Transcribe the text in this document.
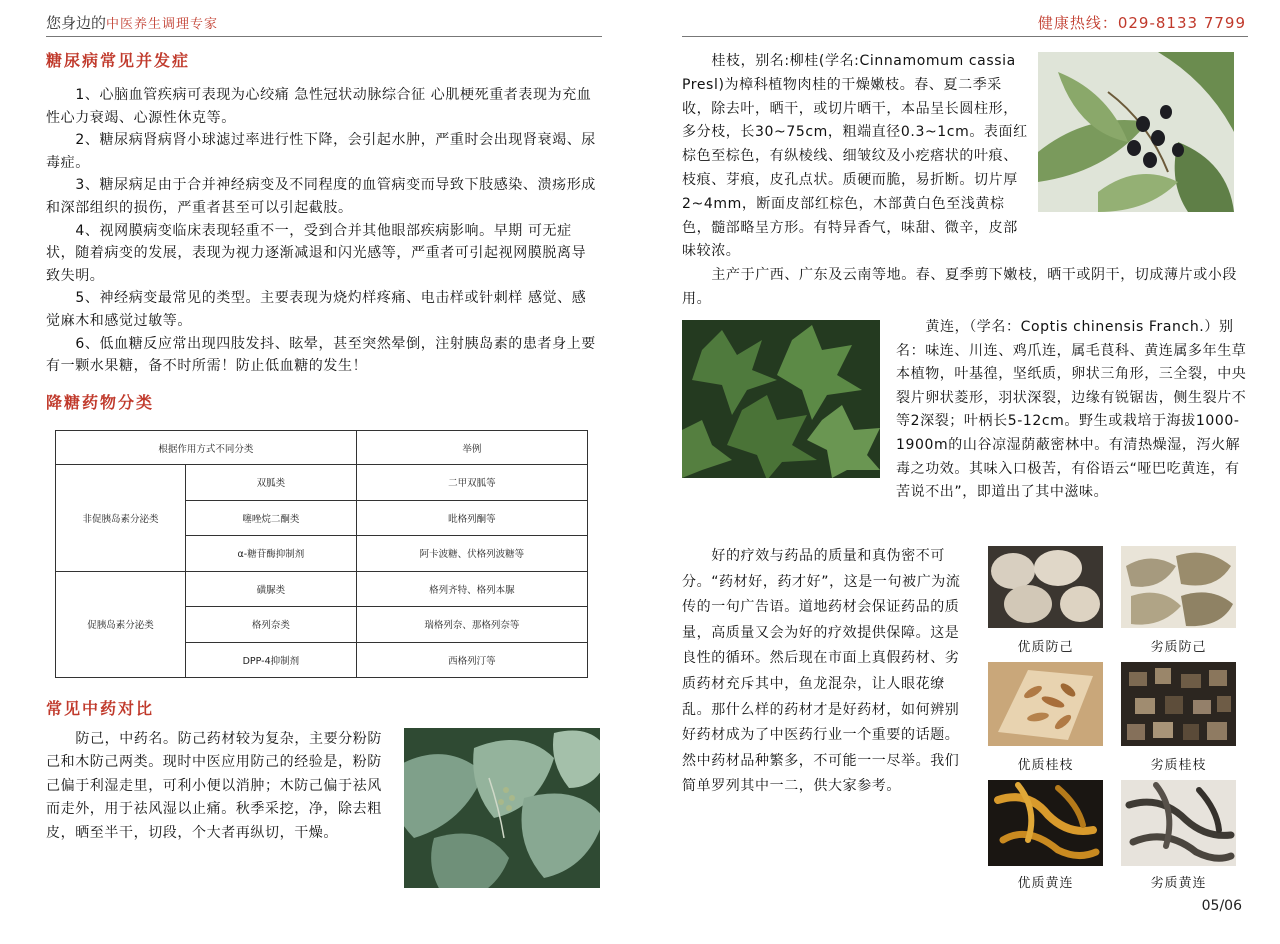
您身边的中医养生调理专家
糖尿病常见并发症
1、心脑血管疾病可表现为心绞痛 急性冠状动脉综合征 心肌梗死重者表现为充血性心力衰竭、心源性休克等。
2、糖尿病肾病肾小球滤过率进行性下降，会引起水肿，严重时会出现肾衰竭、尿毒症。
3、糖尿病足由于合并神经病变及不同程度的血管病变而导致下肢感染、溃疡形成和深部组织的损伤，严重者甚至可以引起截肢。
4、视网膜病变临床表现轻重不一，受到合并其他眼部疾病影响。早期 可无症状，随着病变的发展，表现为视力逐渐减退和闪光感等，严重者可引起视网膜脱离导致失明。
5、神经病变最常见的类型。主要表现为烧灼样疼痛、电击样或针刺样 感觉、感觉麻木和感觉过敏等。
6、低血糖反应常出现四肢发抖、眩晕，甚至突然晕倒，注射胰岛素的患者身上要有一颗水果糖，备不时所需！防止低血糖的发生！
降糖药物分类
根据作用方式不同分类		举例
非促胰岛素分泌类	双胍类	二甲双胍等
	噻唑烷二酮类	吡格列酮等
	α-糖苷酶抑制剂	阿卡波糖、伏格列波糖等
促胰岛素分泌类	磺脲类	格列齐特、格列本脲
	格列奈类	瑞格列奈、那格列奈等
	DPP-4抑制剂	西格列汀等
常见中药对比
防己，中药名。防己药材较为复杂，主要分粉防己和木防己两类。现时中医应用防己的经验是，粉防己偏于利湿走里，可利小便以消肿；木防己偏于祛风而走外，用于祛风湿以止痛。秋季采挖，净，除去粗皮，晒至半干，切段，个大者再纵切，干燥。
健康热线：029-8133 7799
桂枝，别名:柳桂(学名:Cinnamomum cassia Presl)为樟科植物肉桂的干燥嫩枝。春、夏二季采收，除去叶，晒干，或切片晒干，本品呈长圆柱形，多分枝，长30~75cm，粗端直径0.3~1cm。表面红棕色至棕色，有纵棱线、细皱纹及小疙瘩状的叶痕、枝痕、芽痕，皮孔点状。质硬而脆，易折断。切片厚2~4mm，断面皮部红棕色，木部黄白色至浅黄棕色，髓部略呈方形。有特异香气，味甜、微辛，皮部味较浓。
主产于广西、广东及云南等地。春、夏季剪下嫩枝，晒干或阴干，切成薄片或小段用。
黄连，（学名：Coptis chinensis Franch.）别名：味连、川连、鸡爪连，属毛茛科、黄连属多年生草本植物，叶基徨，坚纸质，卵状三角形，三全裂，中央裂片卵状菱形，羽状深裂，边缘有锐锯齿，侧生裂片不等2深裂；叶柄长5-12cm。野生或栽培于海拔1000-1900m的山谷凉湿荫蔽密林中。有清热燥湿，泻火解毒之功效。其味入口极苦，有俗语云“哑巴吃黄连，有苦说不出”，即道出了其中滋味。
好的疗效与药品的质量和真伪密不可分。“药材好，药才好”，这是一句被广为流传的一句广告语。道地药材会保证药品的质量，高质量又会为好的疗效提供保障。这是良性的循环。然后现在市面上真假药材、劣质药材充斥其中，鱼龙混杂，让人眼花缭乱。那什么样的药材才是好药材，如何辨别好药材成为了中医药行业一个重要的话题。然中药材品种繁多，不可能一一尽举。我们简单罗列其中一二，供大家参考。
优质防己	劣质防己
优质桂枝	劣质桂枝
优质黄连	劣质黄连
05/06
